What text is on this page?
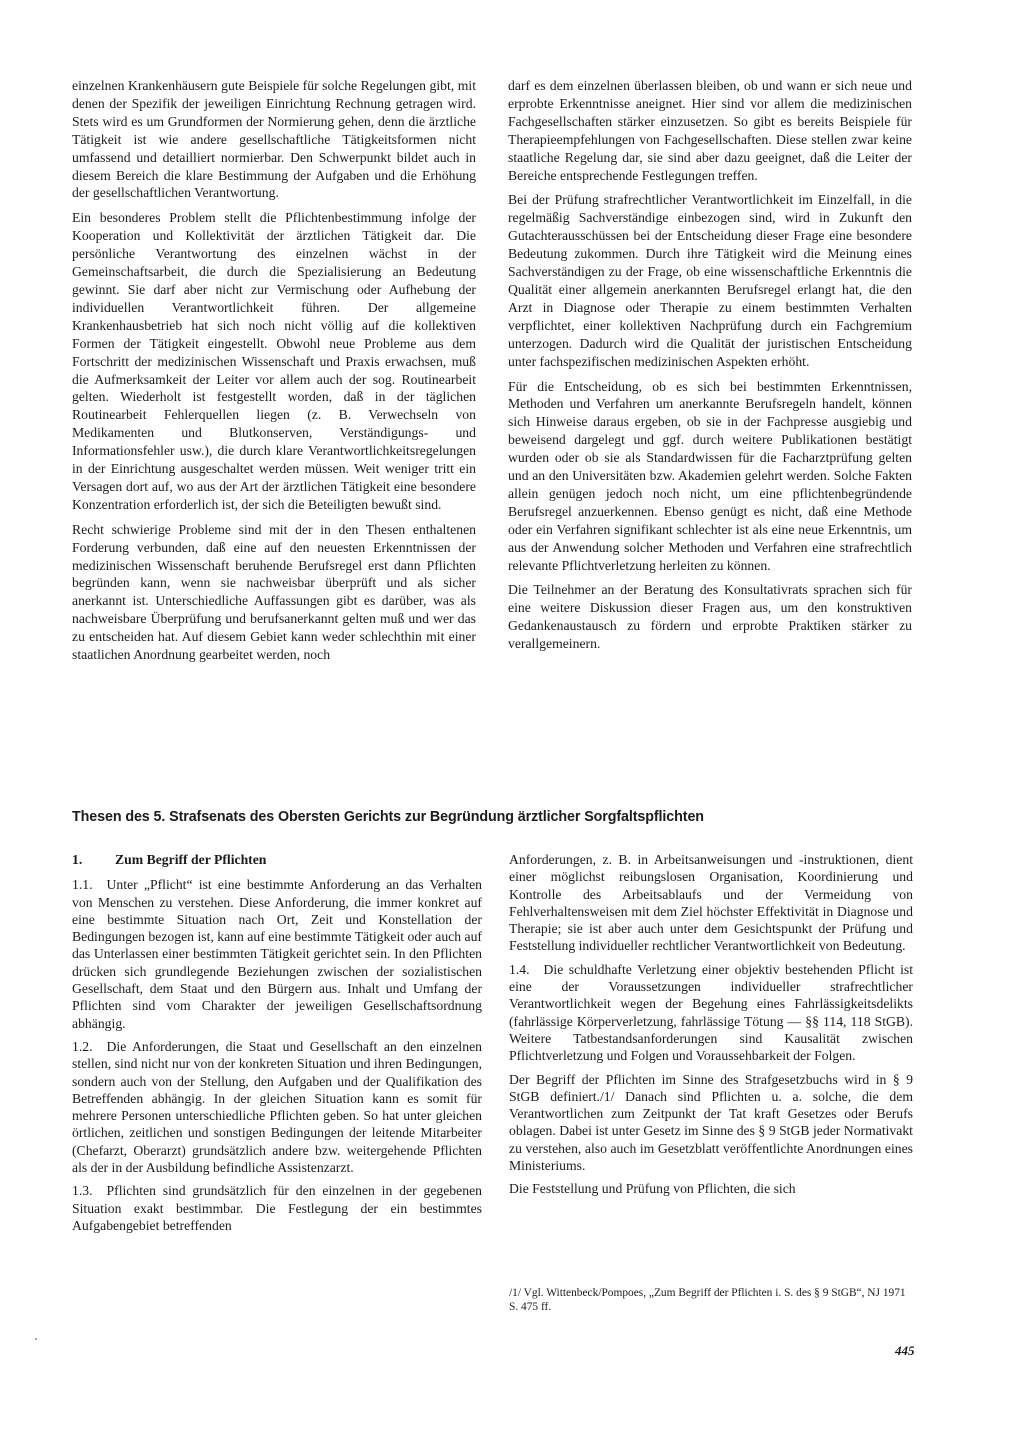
einzelnen Krankenhäusern gute Beispiele für solche Regelungen gibt, mit denen der Spezifik der jeweiligen Einrichtung Rechnung getragen wird. Stets wird es um Grundformen der Normierung gehen, denn die ärztliche Tätigkeit ist wie andere gesellschaftliche Tätigkeitsformen nicht umfassend und detailliert normierbar. Den Schwerpunkt bildet auch in diesem Bereich die klare Bestimmung der Aufgaben und die Erhöhung der gesellschaftlichen Verantwortung.

Ein besonderes Problem stellt die Pflichtenbestimmung infolge der Kooperation und Kollektivität der ärztlichen Tätigkeit dar. Die persönliche Verantwortung des einzelnen wächst in der Gemeinschaftsarbeit, die durch die Spezialisierung an Bedeutung gewinnt. Sie darf aber nicht zur Vermischung oder Aufhebung der individuellen Verantwortlichkeit führen. Der allgemeine Krankenhausbetrieb hat sich noch nicht völlig auf die kollektiven Formen der Tätigkeit eingestellt. Obwohl neue Probleme aus dem Fortschritt der medizinischen Wissenschaft und Praxis erwachsen, muß die Aufmerksamkeit der Leiter vor allem auch der sog. Routinearbeit gelten. Wiederholt ist festgestellt worden, daß in der täglichen Routinearbeit Fehlerquellen liegen (z. B. Verwechseln von Medikamenten und Blutkonserven, Verständigungs- und Informationsfehler usw.), die durch klare Verantwortlichkeitsregelungen in der Einrichtung ausgeschaltet werden müssen. Weit weniger tritt ein Versagen dort auf, wo aus der Art der ärztlichen Tätigkeit eine besondere Konzentration erforderlich ist, der sich die Beteiligten bewußt sind.

Recht schwierige Probleme sind mit der in den Thesen enthaltenen Forderung verbunden, daß eine auf den neuesten Erkenntnissen der medizinischen Wissenschaft beruhende Berufsregel erst dann Pflichten begründen kann, wenn sie nachweisbar überprüft und als sicher anerkannt ist. Unterschiedliche Auffassungen gibt es darüber, was als nachweisbare Überprüfung und berufsanerkannt gelten muß und wer das zu entscheiden hat. Auf diesem Gebiet kann weder schlechthin mit einer staatlichen Anordnung gearbeitet werden, noch

darf es dem einzelnen überlassen bleiben, ob und wann er sich neue und erprobte Erkenntnisse aneignet. Hier sind vor allem die medizinischen Fachgesellschaften stärker einzusetzen. So gibt es bereits Beispiele für Therapieempfehlungen von Fachgesellschaften. Diese stellen zwar keine staatliche Regelung dar, sie sind aber dazu geeignet, daß die Leiter der Bereiche entsprechende Festlegungen treffen.

Bei der Prüfung strafrechtlicher Verantwortlichkeit im Einzelfall, in die regelmäßig Sachverständige einbezogen sind, wird in Zukunft den Gutachterausschüssen bei der Entscheidung dieser Frage eine besondere Bedeutung zukommen. Durch ihre Tätigkeit wird die Meinung eines Sachverständigen zu der Frage, ob eine wissenschaftliche Erkenntnis die Qualität einer allgemein anerkannten Berufsregel erlangt hat, die den Arzt in Diagnose oder Therapie zu einem bestimmten Verhalten verpflichtet, einer kollektiven Nachprüfung durch ein Fachgremium unterzogen. Dadurch wird die Qualität der juristischen Entscheidung unter fachspezifischen medizinischen Aspekten erhöht.

Für die Entscheidung, ob es sich bei bestimmten Erkenntnissen, Methoden und Verfahren um anerkannte Berufsregeln handelt, können sich Hinweise daraus ergeben, ob sie in der Fachpresse ausgiebig und beweisend dargelegt und ggf. durch weitere Publikationen bestätigt wurden oder ob sie als Standardwissen für die Facharztprüfung gelten und an den Universitäten bzw. Akademien gelehrt werden. Solche Fakten allein genügen jedoch noch nicht, um eine pflichtenbegründende Berufsregel anzuerkennen. Ebenso genügt es nicht, daß eine Methode oder ein Verfahren signifikant schlechter ist als eine neue Erkenntnis, um aus der Anwendung solcher Methoden und Verfahren eine strafrechtlich relevante Pflichtverletzung herleiten zu können.

Die Teilnehmer an der Beratung des Konsultativrats sprachen sich für eine weitere Diskussion dieser Fragen aus, um den konstruktiven Gedankenaustausch zu fördern und erprobte Praktiken stärker zu verallgemeinern.

Thesen des 5. Strafsenats des Obersten Gerichts zur Begründung ärztlicher Sorgfaltspflichten

1.	Zum Begriff der Pflichten

1.1. Unter „Pflicht“ ist eine bestimmte Anforderung an das Verhalten von Menschen zu verstehen. Diese Anforderung, die immer konkret auf eine bestimmte Situation nach Ort, Zeit und Konstellation der Bedingungen bezogen ist, kann auf eine bestimmte Tätigkeit oder auch auf das Unterlassen einer bestimmten Tätigkeit gerichtet sein. In den Pflichten drücken sich grundlegende Beziehungen zwischen der sozialistischen Gesellschaft, dem Staat und den Bürgern aus. Inhalt und Umfang der Pflichten sind vom Charakter der jeweiligen Gesellschaftsordnung abhängig.

1.2. Die Anforderungen, die Staat und Gesellschaft an den einzelnen stellen, sind nicht nur von der konkreten Situation und ihren Bedingungen, sondern auch von der Stellung, den Aufgaben und der Qualifikation des Betreffenden abhängig. In der gleichen Situation kann es somit für mehrere Personen unterschiedliche Pflichten geben. So hat unter gleichen örtlichen, zeitlichen und sonstigen Bedingungen der leitende Mitarbeiter (Chefarzt, Oberarzt) grundsätzlich andere bzw. weitergehende Pflichten als der in der Ausbildung befindliche Assistenzarzt.

1.3. Pflichten sind grundsätzlich für den einzelnen in der gegebenen Situation exakt bestimmbar. Die Festlegung der ein bestimmtes Aufgabengebiet betreffenden

Anforderungen, z. B. in Arbeitsanweisungen und -instruktionen, dient einer möglichst reibungslosen Organisation, Koordinierung und Kontrolle des Arbeitsablaufs und der Vermeidung von Fehlverhaltensweisen mit dem Ziel höchster Effektivität in Diagnose und Therapie; sie ist aber auch unter dem Gesichtspunkt der Prüfung und Feststellung individueller rechtlicher Verantwortlichkeit von Bedeutung.

1.4. Die schuldhafte Verletzung einer objektiv bestehenden Pflicht ist eine der Voraussetzungen individueller strafrechtlicher Verantwortlichkeit wegen der Begehung eines Fahrlässigkeitsdelikts (fahrlässige Körperverletzung, fahrlässige Tötung — §§ 114, 118 StGB). Weitere Tatbestandsanforderungen sind Kausalität zwischen Pflichtverletzung und Folgen und Voraussehbarkeit der Folgen.

Der Begriff der Pflichten im Sinne des Strafgesetzbuchs wird in § 9 StGB definiert./1/ Danach sind Pflichten u. a. solche, die dem Verantwortlichen zum Zeitpunkt der Tat kraft Gesetzes oder Berufs oblagen. Dabei ist unter Gesetz im Sinne des § 9 StGB jeder Normativakt zu verstehen, also auch im Gesetzblatt veröffentlichte Anordnungen eines Ministeriums.

Die Feststellung und Prüfung von Pflichten, die sich

/1/ Vgl. Wittenbeck/Pompoes, „Zum Begriff der Pflichten i. S. des § 9 StGB“, NJ 1971 S. 475 ff.
445
